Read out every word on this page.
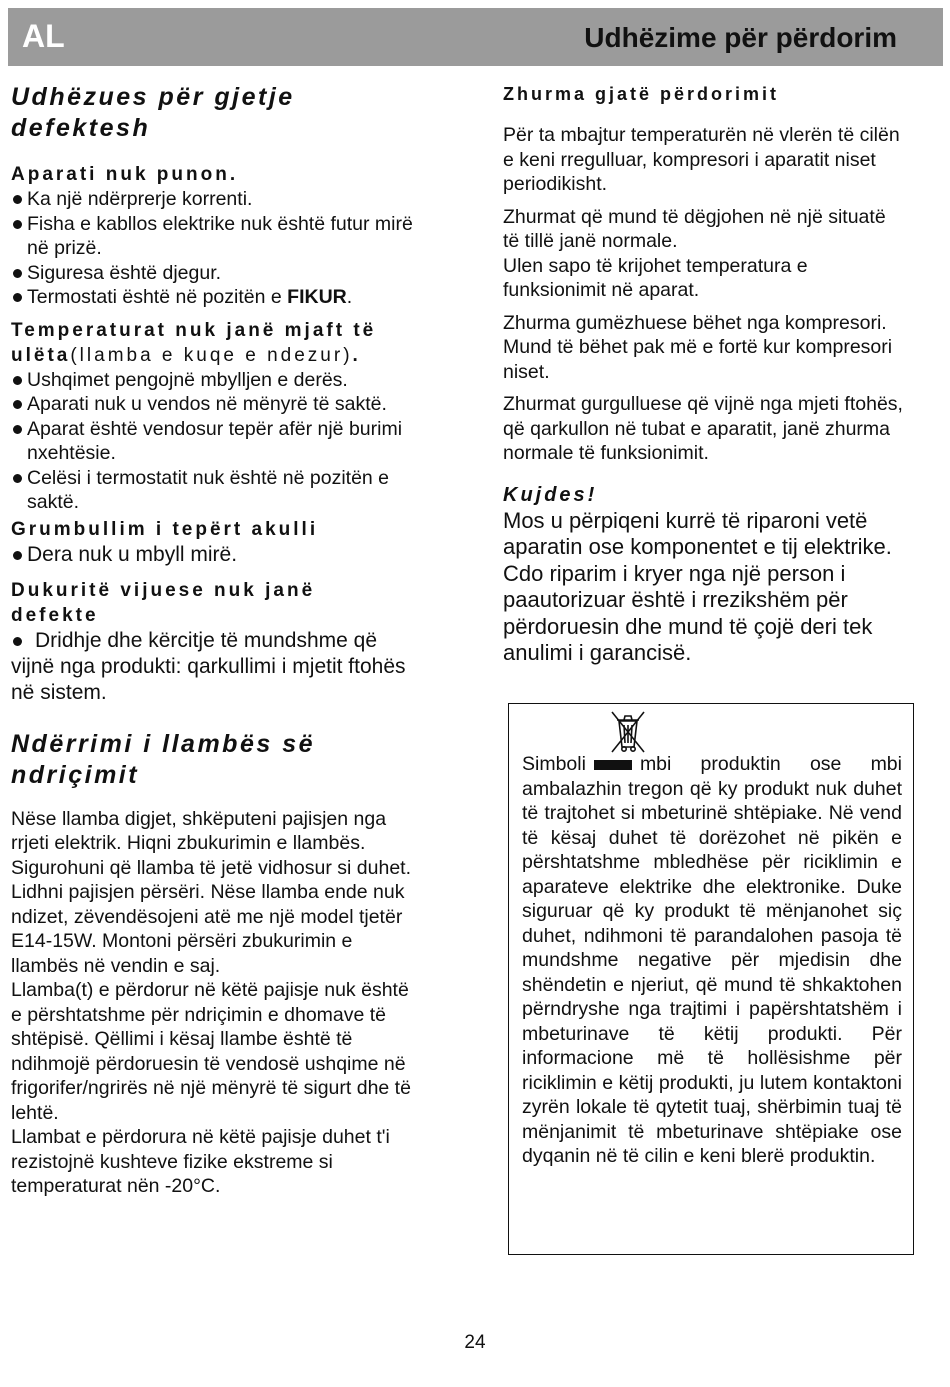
AL	Udhëzime për përdorim
Udhëzues për gjetje
defektesh

Aparati nuk punon.

Ka një ndërprerje korrenti.
Fisha e kabllos elektrike nuk është futur mirë
në prizë.
Siguresa është djegur.
Termostati është në pozitën e FIKUR.

Temperaturat nuk janë mjaft të
ulëta(llamba e kuqe e ndezur).

Ushqimet pengojnë mbylljen e derës.
Aparati nuk u vendos në mënyrë të saktë.
Aparat është vendosur tepër afër një burimi
nxehtësie.
Celësi i termostatit nuk është në pozitën e
saktë.

Grumbullim i tepërt akulli

Dera nuk u mbyll mirë.

Dukuritë vijuese nuk janë
defekte

Dridhje dhe kërcitje të mundshme që

vijnë nga produkti: qarkullimi i mjetit ftohës
në sistem.

Ndërrimi i llambës së
ndriçimit

Nëse llamba digjet, shkëputeni pajisjen nga
rrjeti elektrik. Hiqni zbukurimin e llambës.
Sigurohuni që llamba të jetë vidhosur si duhet.
Lidhni pajisjen përsëri. Nëse llamba ende nuk
ndizet, zëvendësojeni atë me një model tjetër
E14-15W. Montoni përsëri zbukurimin e
llambës në vendin e saj.
Llamba(t) e përdorur në këtë pajisje nuk është
e përshtatshme për ndriçimin e dhomave të
shtëpisë. Qëllimi i kësaj llambe është të
ndihmojë përdoruesin të vendosë ushqime në
frigorifer/ngrirës në një mënyrë të sigurt dhe të
lehtë.
Llambat e përdorura në këtë pajisje duhet t'i
rezistojnë kushteve fizike ekstreme si
temperaturat nën -20°C.

Zhurma gjatë përdorimit

Për ta mbajtur temperaturën në vlerën të cilën
e keni rregulluar, kompresori i aparatit niset
periodikisht.

Zhurmat që mund të dëgjohen në një situatë
të tillë janë normale.
Ulen sapo të krijohet temperatura e
funksionimit në aparat.

Zhurma gumëzhuese bëhet nga kompresori.
Mund të bëhet pak më e fortë kur kompresori
niset.

Zhurmat gurgulluese që vijnë nga mjeti ftohës,
që qarkullon në tubat e aparatit, janë zhurma
normale të funksionimit.

Kujdes!

Mos u përpiqeni kurrë të riparoni vetë
aparatin ose komponentet e tij elektrike.
Cdo riparim i kryer nga një person i
paautorizuar është i rrezikshëm për
përdoruesin dhe mund të çojë deri tek
anulimi i garancisë.

Simboli	mbi produktin ose mbi ambalazhin tregon që ky produkt nuk duhet të trajtohet si mbeturinë shtëpiake. Në vend të kësaj duhet të dorëzohet në pikën e përshtatshme mbledhëse për riciklimin e aparateve elektrike dhe elektronike. Duke siguruar që ky produkt të mënjanohet siç duhet, ndihmoni të parandalohen pasoja të mundshme negative për mjedisin dhe shëndetin e njeriut, që mund të shkaktohen përndryshe nga trajtimi i papërshtatshëm i mbeturinave të këtij produkti. Për informacione më të hollësishme për riciklimin e këtij produkti, ju lutem kontaktoni zyrën lokale të qytetit tuaj, shërbimin tuaj të mënjanimit të mbeturinave shtëpiake ose dyqanin në të cilin e keni blerë produktin.

24
